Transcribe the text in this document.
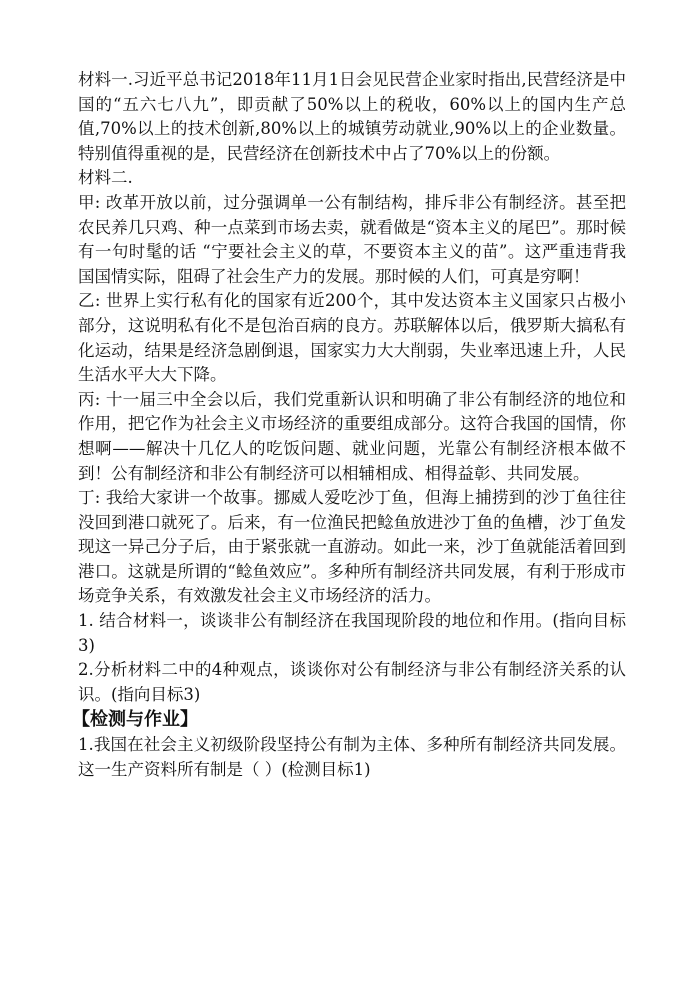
材料一.习近平总书记2018年11月1日会见民营企业家时指出,民营经济是中国的“五六七八九”，即贡献了50%以上的税收，60%以上的国内生产总值,70%以上的技术创新,80%以上的城镇劳动就业,90%以上的企业数量。特别值得重视的是，民营经济在创新技术中占了70%以上的份额。

材料二.

甲: 改革开放以前，过分强调单一公有制结构，排斥非公有制经济。甚至把农民养几只鸡、种一点菜到市场去卖，就看做是“资本主义的尾巴”。那时候有一句时髦的话 “宁要社会主义的草，不要资本主义的苗”。这严重违背我国国情实际，阻碍了社会生产力的发展。那时候的人们，可真是穷啊！

乙: 世界上实行私有化的国家有近200个，其中发达资本主义国家只占极小部分，这说明私有化不是包治百病的良方。苏联解体以后，俄罗斯大搞私有化运动，结果是经济急剧倒退，国家实力大大削弱，失业率迅速上升，人民生活水平大大下降。

丙: 十一届三中全会以后，我们党重新认识和明确了非公有制经济的地位和作用，把它作为社会主义市场经济的重要组成部分。这符合我国的国情，你想啊——解决十几亿人的吃饭问题、就业问题，光靠公有制经济根本做不到！公有制经济和非公有制经济可以相辅相成、相得益彰、共同发展。

丁: 我给大家讲一个故事。挪威人爱吃沙丁鱼，但海上捕捞到的沙丁鱼往往没回到港口就死了。后来，有一位渔民把鲶鱼放进沙丁鱼的鱼槽，沙丁鱼发现这一异己分子后，由于紧张就一直游动。如此一来，沙丁鱼就能活着回到港口。这就是所谓的“鲶鱼效应”。多种所有制经济共同发展，有利于形成市场竞争关系，有效激发社会主义市场经济的活力。

1. 结合材料一，谈谈非公有制经济在我国现阶段的地位和作用。(指向目标3)

2.分析材料二中的4种观点，谈谈你对公有制经济与非公有制经济关系的认识。(指向目标3)

【检测与作业】

1.我国在社会主义初级阶段坚持公有制为主体、多种所有制经济共同发展。这一生产资料所有制是（ ）(检测目标1)
